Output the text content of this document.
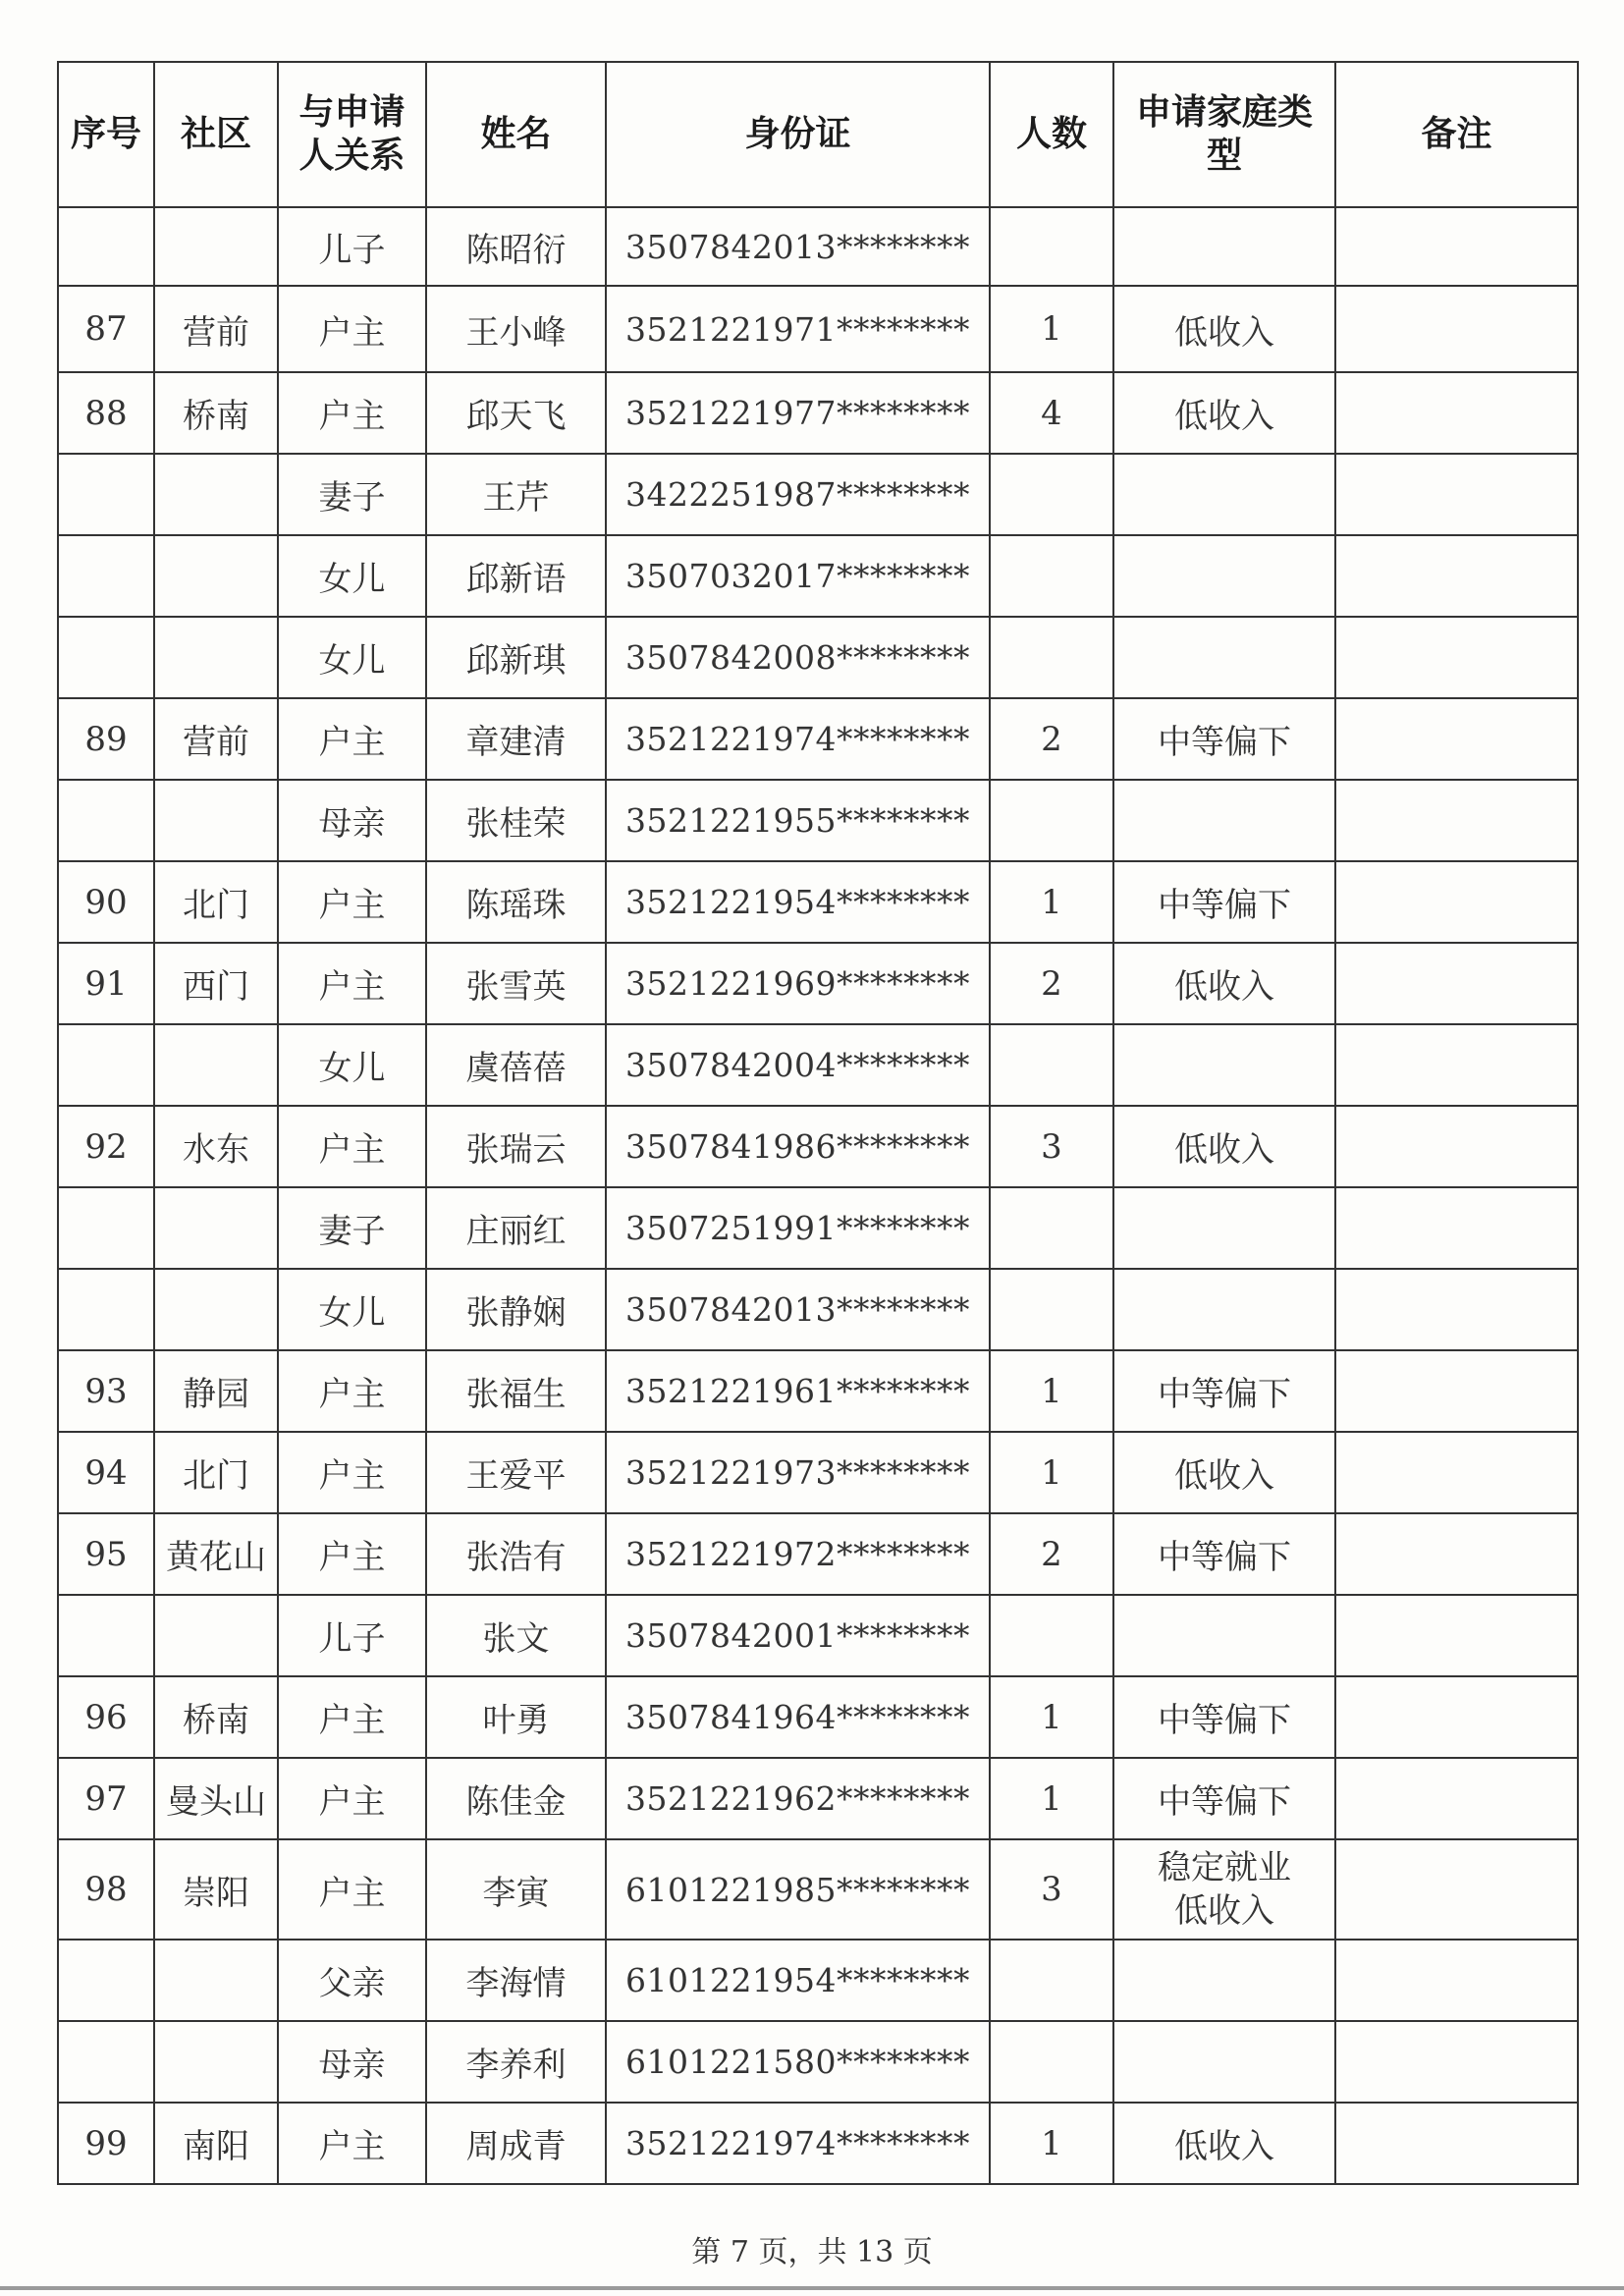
序号	社区	与申请人关系	姓名	身份证	人数	申请家庭类型	备注
		儿子	陈昭衍	3507842013********			
87	营前	户主	王小峰	3521221971********	1	低收入	
88	桥南	户主	邱天飞	3521221977********	4	低收入	
		妻子	王芹	3422251987********			
		女儿	邱新语	3507032017********			
		女儿	邱新琪	3507842008********			
89	营前	户主	章建清	3521221974********	2	中等偏下	
		母亲	张桂荣	3521221955********			
90	北门	户主	陈瑶珠	3521221954********	1	中等偏下	
91	西门	户主	张雪英	3521221969********	2	低收入	
		女儿	虞蓓蓓	3507842004********			
92	水东	户主	张瑞云	3507841986********	3	低收入	
		妻子	庄丽红	3507251991********			
		女儿	张静娴	3507842013********			
93	静园	户主	张福生	3521221961********	1	中等偏下	
94	北门	户主	王爱平	3521221973********	1	低收入	
95	黄花山	户主	张浩有	3521221972********	2	中等偏下	
		儿子	张文	3507842001********			
96	桥南	户主	叶勇	3507841964********	1	中等偏下	
97	曼头山	户主	陈佳金	3521221962********	1	中等偏下	
98	崇阳	户主	李寅	6101221985********	3	稳定就业低收入	
		父亲	李海情	6101221954********			
		母亲	李养利	6101221580********			
99	南阳	户主	周成青	3521221974********	1	低收入	
第 7 页，共 13 页
